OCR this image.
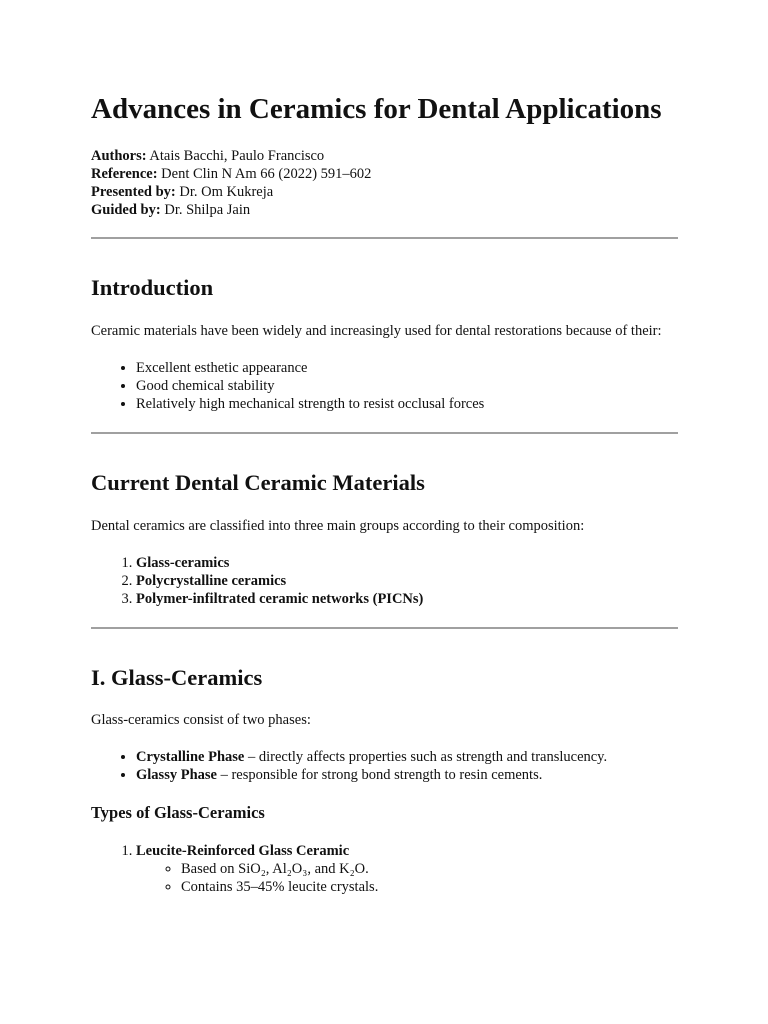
Advances in Ceramics for Dental Applications

Authors: Atais Bacchi, Paulo Francisco

Reference: Dent Clin N Am 66 (2022) 591–602

Presented by: Dr. Om Kukreja

Guided by: Dr. Shilpa Jain

Introduction

Ceramic materials have been widely and increasingly used for dental restorations because of their:

• Excellent esthetic appearance
• Good chemical stability
• Relatively high mechanical strength to resist occlusal forces
Current Dental Ceramic Materials

Dental ceramics are classified into three main groups according to their composition:

1. Glass-ceramics
2. Polycrystalline ceramics
3. Polymer-infiltrated ceramic networks (PICNs)
I. Glass-Ceramics

Glass-ceramics consist of two phases:

• Crystalline Phase – directly affects properties such as strength and translucency.
• Glassy Phase – responsible for strong bond strength to resin cements.
Types of Glass-Ceramics
1. Leucite-Reinforced Glass Ceramic
◦ Based on SiO₂, Al₂O₃, and K₂O.
◦ Contains 35–45% leucite crystals.
